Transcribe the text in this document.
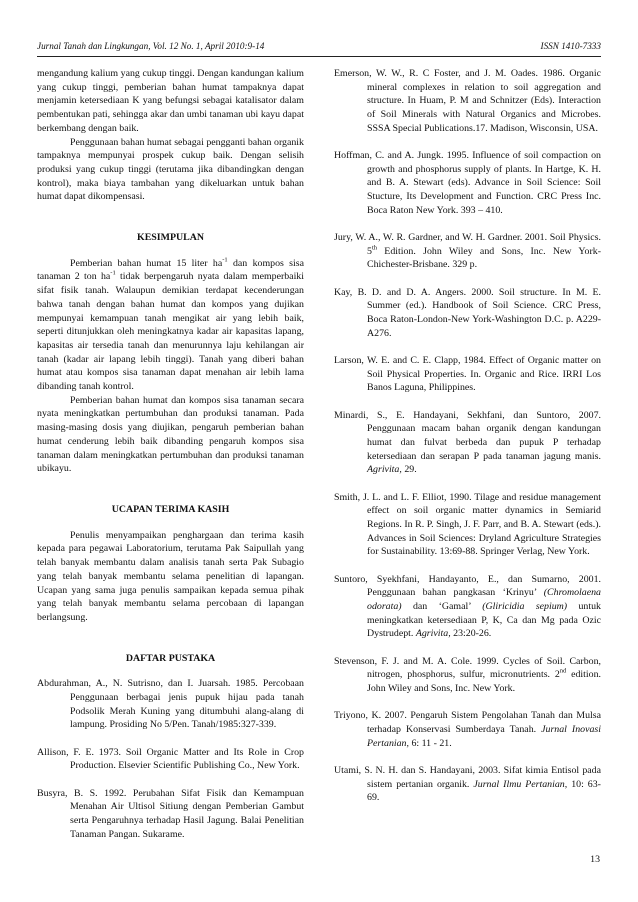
Jurnal Tanah dan Lingkungan, Vol. 12 No. 1, April 2010:9-14	ISSN 1410-7333

mengandung kalium yang cukup tinggi. Dengan kandungan kalium yang cukup tinggi, pemberian bahan humat tampaknya dapat menjamin ketersediaan K yang befungsi sebagai katalisator dalam pembentukan pati, sehingga akar dan umbi tanaman ubi kayu dapat berkembang dengan baik.

Penggunaan bahan humat sebagai pengganti bahan organik tampaknya mempunyai prospek cukup baik. Dengan selisih produksi yang cukup tinggi (terutama jika dibandingkan dengan kontrol), maka biaya tambahan yang dikeluarkan untuk bahan humat dapat dikompensasi.

KESIMPULAN

Pemberian bahan humat 15 liter $ha^{-1}$ dan kompos sisa tanaman 2 ton $ha^{-1}$ tidak berpengaruh nyata dalam memperbaiki sifat fisik tanah. Walaupun demikian terdapat kecenderungan bahwa tanah dengan bahan humat dan kompos yang dujikan mempunyai kemampuan tanah mengikat air yang lebih baik, seperti ditunjukkan oleh meningkatnya kadar air kapasitas lapang, kapasitas air tersedia tanah dan menurunnya laju kehilangan air tanah (kadar air lapang lebih tinggi). Tanah yang diberi bahan humat atau kompos sisa tanaman dapat menahan air lebih lama dibanding tanah kontrol.

Pemberian bahan humat dan kompos sisa tanaman secara nyata meningkatkan pertumbuhan dan produksi tanaman. Pada masing-masing dosis yang diujikan, pengaruh pemberian bahan humat cenderung lebih baik dibanding pengaruh kompos sisa tanaman dalam meningkatkan pertumbuhan dan produksi tanaman ubikayu.

UCAPAN TERIMA KASIH

Penulis menyampaikan penghargaan dan terima kasih kepada para pegawai Laboratorium, terutama Pak Saipullah yang telah banyak membantu dalam analisis tanah serta Pak Subagio yang telah banyak membantu selama penelitian di lapangan. Ucapan yang sama juga penulis sampaikan kepada semua pihak yang telah banyak membantu selama percobaan di lapangan berlangsung.

DAFTAR PUSTAKA

Abdurahman, A., N. Sutrisno, dan I. Juarsah. 1985. Percobaan Penggunaan berbagai jenis pupuk hijau pada tanah Podsolik Merah Kuning yang ditumbuhi alang-alang di lampung. Prosiding No 5/Pen. Tanah/1985:327-339.

Allison, F. E. 1973. Soil Organic Matter and Its Role in Crop Production. Elsevier Scientific Publishing Co., New York.

Busyra, B. S. 1992. Perubahan Sifat Fisik dan Kemampuan Menahan Air Ultisol Sitiung dengan Pemberian Gambut serta Pengaruhnya terhadap Hasil Jagung. Balai Penelitian Tanaman Pangan. Sukarame.

Emerson, W. W., R. C Foster, and J. M. Oades. 1986. Organic mineral complexes in relation to soil aggregation and structure. In Huam, P. M and Schnitzer (Eds). Interaction of Soil Minerals with Natural Organics and Microbes. SSSA Special Publications.17. Madison, Wisconsin, USA.

Hoffman, C. and A. Jungk. 1995. Influence of soil compaction on growth and phosphorus supply of plants. In Hartge, K. H. and B. A. Stewart (eds). Advance in Soil Science: Soil Stucture, Its Development and Function. CRC Press Inc. Boca Raton New York. 393 – 410.

Jury, W. A., W. R. Gardner, and W. H. Gardner. 2001. Soil Physics. 5th Edition. John Wiley and Sons, Inc. New York-Chichester-Brisbane. 329 p.

Kay, B. D. and D. A. Angers. 2000. Soil structure. In M. E. Summer (ed.). Handbook of Soil Science. CRC Press, Boca Raton-London-New York-Washington D.C. p. A229-A276.

Larson, W. E. and C. E. Clapp, 1984. Effect of Organic matter on Soil Physical Properties. In. Organic and Rice. IRRI Los Banos Laguna, Philippines.

Minardi, S., E. Handayani, Sekhfani, dan Suntoro, 2007. Penggunaan macam bahan organik dengan kandungan humat dan fulvat berbeda dan pupuk P terhadap ketersediaan dan serapan P pada tanaman jagung manis. Agrivita, 29.

Smith, J. L. and L. F. Elliot, 1990. Tilage and residue management effect on soil organic matter dynamics in Semiarid Regions. In R. P. Singh, J. F. Parr, and B. A. Stewart (eds.). Advances in Soil Sciences: Dryland Agriculture Strategies for Sustainability. 13:69-88. Springer Verlag, New York.

Suntoro, Syekhfani, Handayanto, E., dan Sumarno, 2001. Penggunaan bahan pangkasan ‘Krinyu’ (Chromolaena odorata) dan ‘Gamal’ (Gliricidia sepium) untuk meningkatkan ketersediaan P, K, Ca dan Mg pada Ozic Dystrudept. Agrivita, 23:20-26.

Stevenson, F. J. and M. A. Cole. 1999. Cycles of Soil. Carbon, nitrogen, phosphorus, sulfur, micronutrients. 2nd edition. John Wiley and Sons, Inc. New York.

Triyono, K. 2007. Pengaruh Sistem Pengolahan Tanah dan Mulsa terhadap Konservasi Sumberdaya Tanah. Jurnal Inovasi Pertanian, 6: 11 - 21.

Utami, S. N. H. dan S. Handayani, 2003. Sifat kimia Entisol pada sistem pertanian organik. Jurnal Ilmu Pertanian, 10: 63-69.

13
